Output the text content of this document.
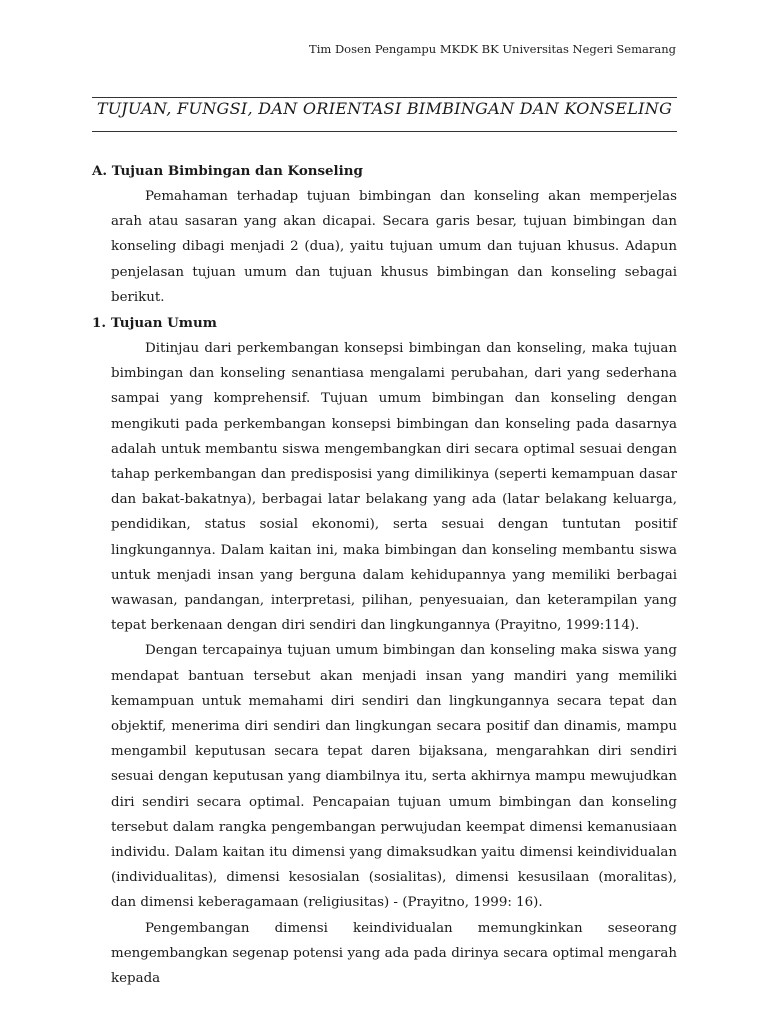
Tim Dosen Pengampu MKDK BK Universitas Negeri Semarang
TUJUAN, FUNGSI, DAN ORIENTASI BIMBINGAN DAN KONSELING

A. Tujuan Bimbingan dan Konseling

Pemahaman terhadap tujuan bimbingan dan konseling akan memperjelas arah atau sasaran yang akan dicapai. Secara garis besar, tujuan bimbingan dan konseling dibagi menjadi 2 (dua), yaitu tujuan umum dan tujuan khusus. Adapun penjelasan tujuan umum dan tujuan khusus bimbingan dan konseling sebagai berikut.

1. Tujuan Umum

Ditinjau dari perkembangan konsepsi bimbingan dan konseling, maka tujuan bimbingan dan konseling senantiasa mengalami perubahan, dari yang sederhana sampai yang komprehensif. Tujuan umum bimbingan dan konseling dengan mengikuti pada perkembangan konsepsi bimbingan dan konseling pada dasarnya adalah untuk membantu siswa mengembangkan diri secara optimal sesuai dengan tahap perkembangan dan predisposisi yang dimilikinya (seperti kemampuan dasar dan bakat-bakatnya), berbagai latar belakang yang ada (latar belakang keluarga, pendidikan, status sosial ekonomi), serta sesuai dengan tuntutan positif lingkungannya. Dalam kaitan ini, maka bimbingan dan konseling membantu siswa untuk menjadi insan yang berguna dalam kehidupannya yang memiliki berbagai wawasan, pandangan, interpretasi, pilihan, penyesuaian, dan keterampilan yang tepat berkenaan dengan diri sendiri dan lingkungannya (Prayitno, 1999:114).

Dengan tercapainya tujuan umum bimbingan dan konseling maka siswa yang mendapat bantuan tersebut akan menjadi insan yang mandiri yang memiliki kemampuan untuk memahami diri sendiri dan lingkungannya secara tepat dan objektif, menerima diri sendiri dan lingkungan secara positif dan dinamis, mampu mengambil keputusan secara tepat daren bijaksana, mengarahkan diri sendiri sesuai dengan keputusan yang diambilnya itu, serta akhirnya mampu mewujudkan diri sendiri secara optimal. Pencapaian tujuan umum bimbingan dan konseling tersebut dalam rangka pengembangan perwujudan keempat dimensi kemanusiaan individu. Dalam kaitan itu dimensi yang dimaksudkan yaitu dimensi keindividualan (individualitas), dimensi kesosialan (sosialitas), dimensi kesusilaan (moralitas), dan dimensi keberagamaan (religiusitas) - (Prayitno, 1999: 16).

Pengembangan dimensi keindividualan memungkinkan seseorang mengembangkan segenap potensi yang ada pada dirinya secara optimal mengarah kepada
